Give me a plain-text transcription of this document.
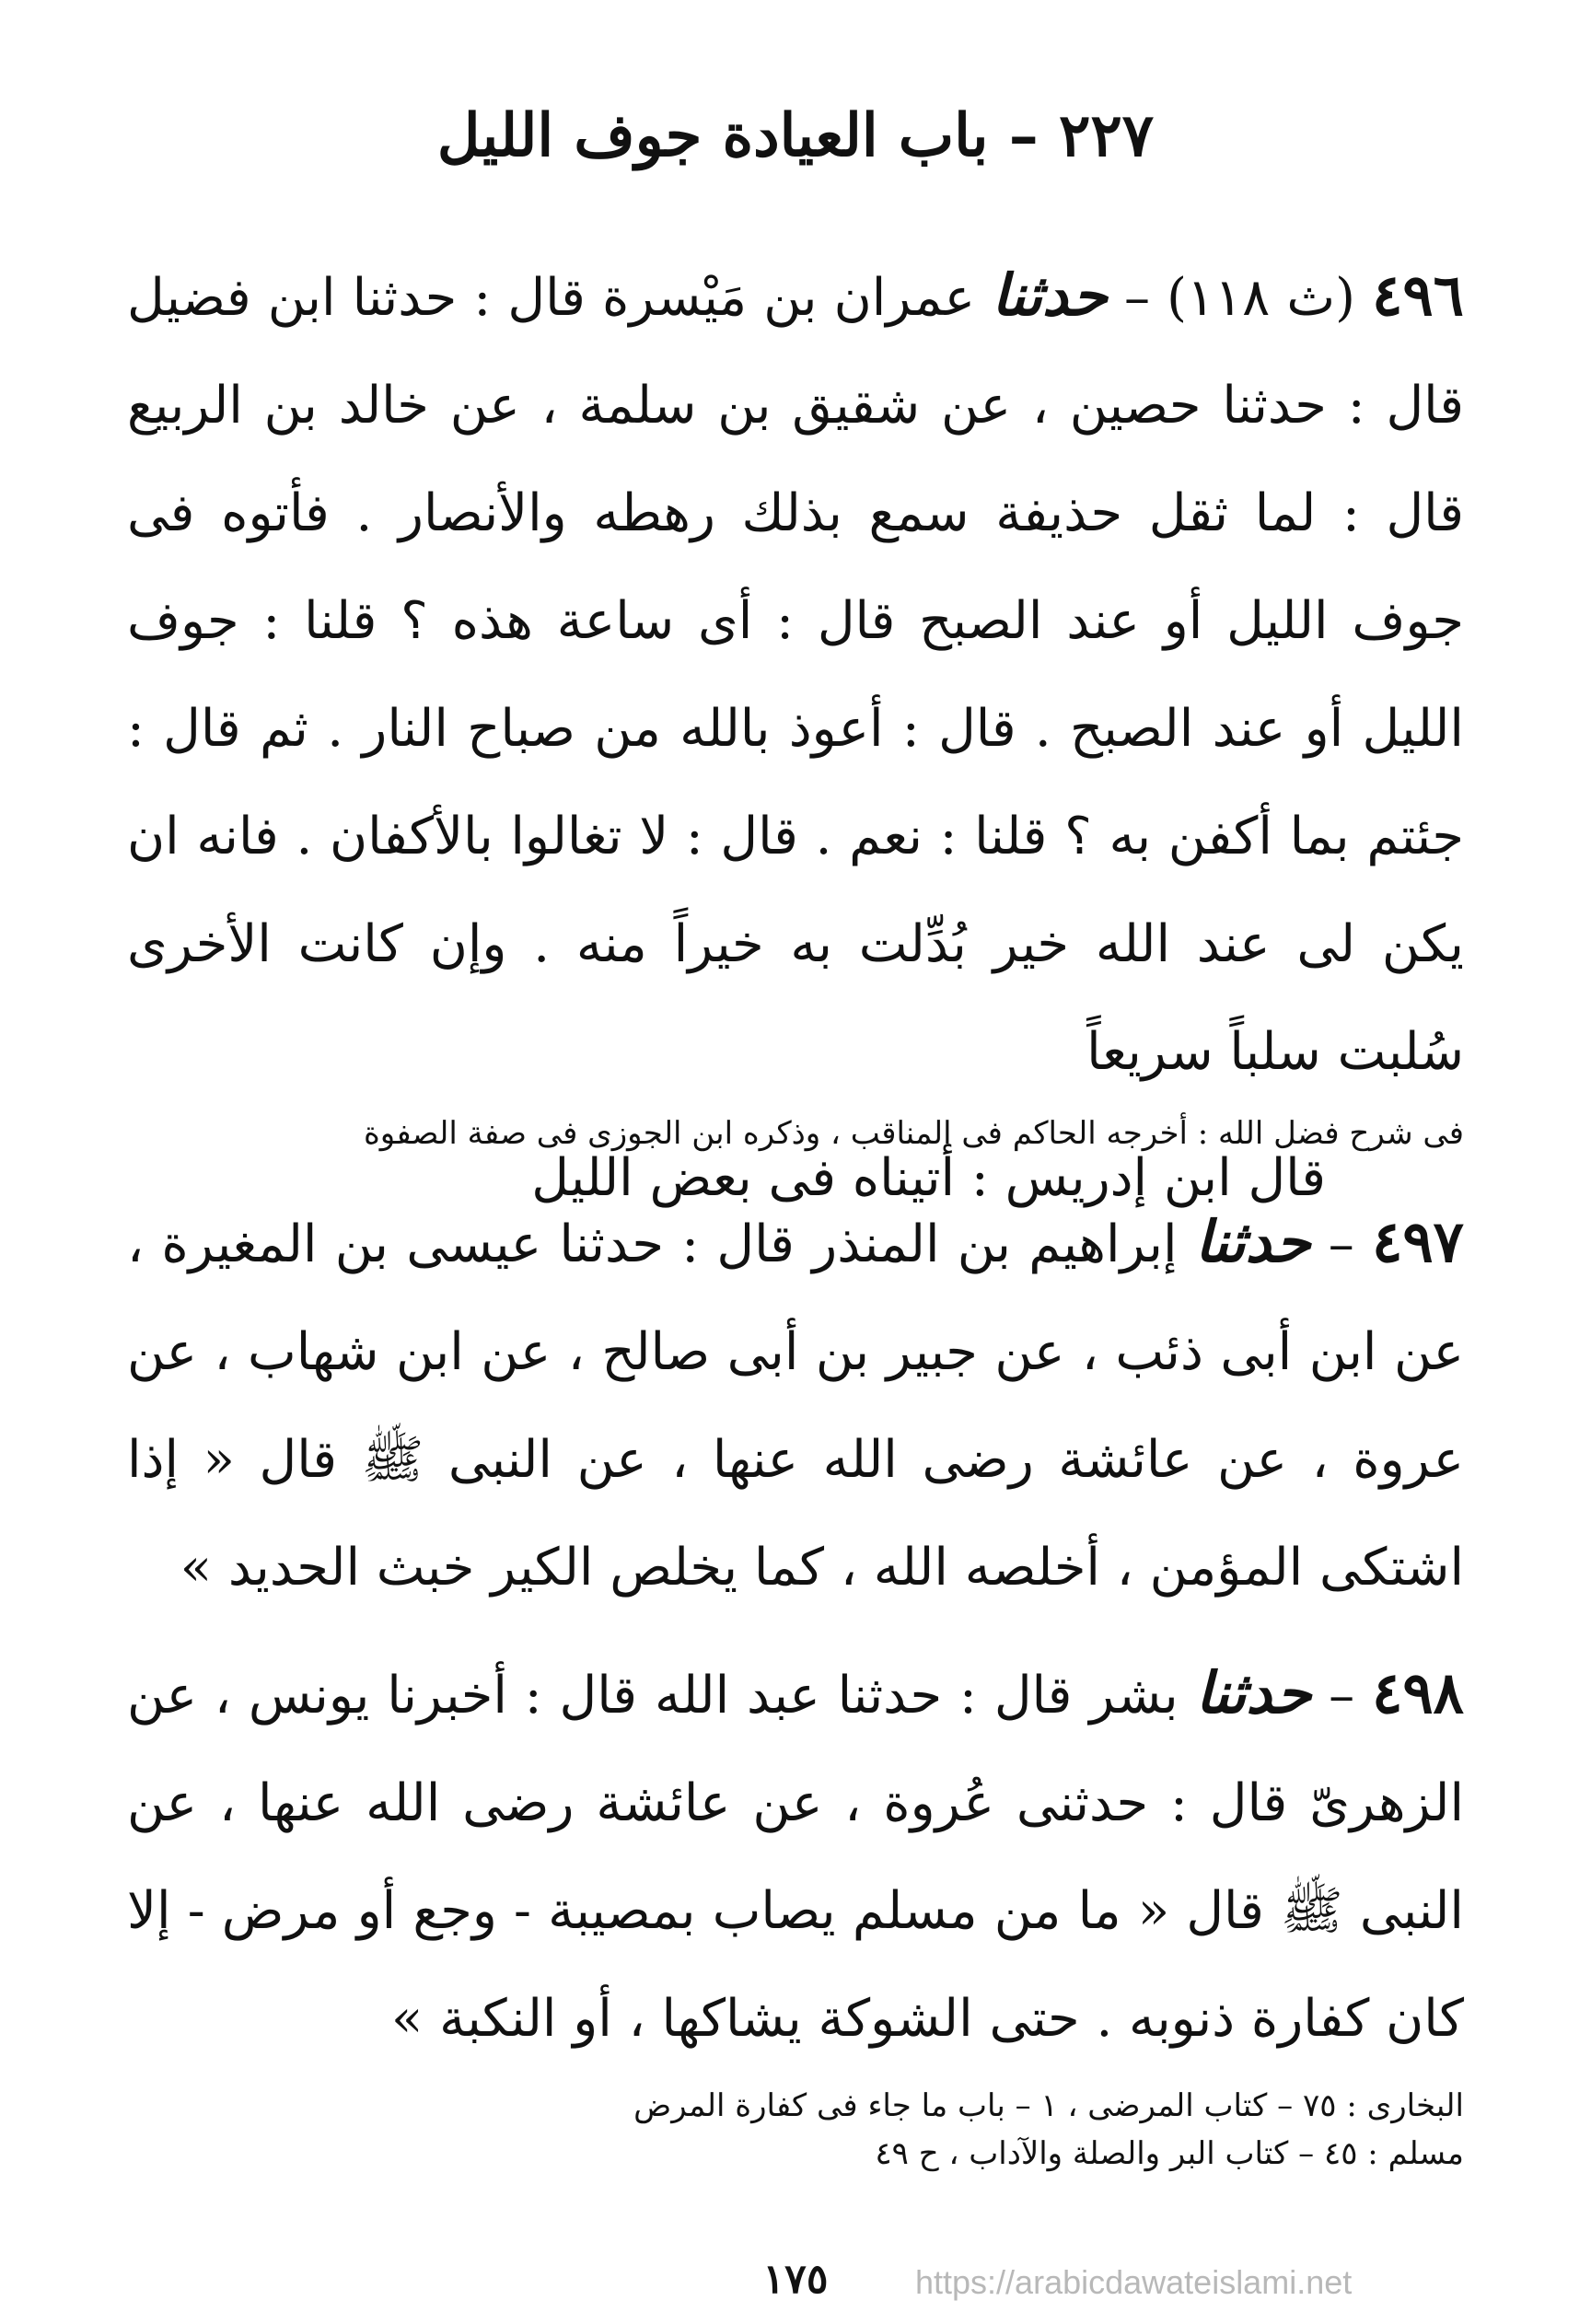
٢٢٧ – باب العيادة جوف الليل

٤٩٦ (ث ١١٨) – حدثنا عمران بن مَيْسرة قال : حدثنا ابن فضيل قال : حدثنا حصين ، عن شقيق بن سلمة ، عن خالد بن الربيع قال : لما ثقل حذيفة سمع بذلك رهطه والأنصار . فأتوه فى جوف الليل أو عند الصبح قال : أى ساعة هذه ؟ قلنا : جوف الليل أو عند الصبح . قال : أعوذ بالله من صباح النار . ثم قال : جئتم بما أكفن به ؟ قلنا : نعم . قال : لا تغالوا بالأكفان . فانه ان يكن لى عند الله خير بُدِّلت به خيراً منه . وإن كانت الأخرى سُلبت سلباً سريعاً
قال ابن إدريس : أتيناه فى بعض الليل

فى شرح فضل الله : أخرجه الحاكم فى المناقب ، وذكره ابن الجوزى فى صفة الصفوة

٤٩٧ – حدثنا إبراهيم بن المنذر قال : حدثنا عيسى بن المغيرة ، عن ابن أبى ذئب ، عن جبير بن أبى صالح ، عن ابن شهاب ، عن عروة ، عن عائشة رضى الله عنها ، عن النبى ﷺ قال « إذا اشتكى المؤمن ، أخلصه الله ، كما يخلص الكير خبث الحديد »

٤٩٨ – حدثنا بشر قال : حدثنا عبد الله قال : أخبرنا يونس ، عن الزهرىّ قال : حدثنى عُروة ، عن عائشة رضى الله عنها ، عن النبى ﷺ قال « ما من مسلم يصاب بمصيبة - وجع أو مرض - إلا كان كفارة ذنوبه . حتى الشوكة يشاكها ، أو النكبة »

البخارى : ٧٥ – كتاب المرضى ، ١ – باب ما جاء فى كفارة المرض

مسلم : ٤٥ – كتاب البر والصلة والآداب ، ح ٤٩

١٧٥	https://arabicdawateislami.net
